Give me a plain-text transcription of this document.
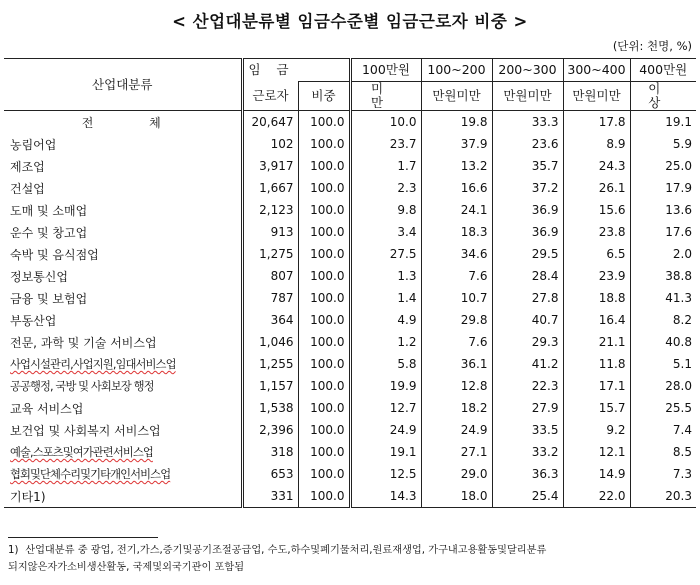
< 산업대분류별 임금수준별 임금근로자 비중 >
(단위: 천명, %)
산업대분류	임 금		100만원	100~200	200~300	300~400	400만원
	근로자	비중	미 만	만원미만	만원미만	만원미만	이 상
전 체	20,647	100.0	10.0	19.8	33.3	17.8	19.1
농림어업	102	100.0	23.7	37.9	23.6	8.9	5.9
제조업	3,917	100.0	1.7	13.2	35.7	24.3	25.0
건설업	1,667	100.0	2.3	16.6	37.2	26.1	17.9
도매 및 소매업	2,123	100.0	9.8	24.1	36.9	15.6	13.6
운수 및 창고업	913	100.0	3.4	18.3	36.9	23.8	17.6
숙박 및 음식점업	1,275	100.0	27.5	34.6	29.5	6.5	2.0
정보통신업	807	100.0	1.3	7.6	28.4	23.9	38.8
금융 및 보험업	787	100.0	1.4	10.7	27.8	18.8	41.3
부동산업	364	100.0	4.9	29.8	40.7	16.4	8.2
전문, 과학 및 기술 서비스업	1,046	100.0	1.2	7.6	29.3	21.1	40.8
사업시설관리,사업지원,임대서비스업	1,255	100.0	5.8	36.1	41.2	11.8	5.1
공공행정, 국방 및 사회보장 행정	1,157	100.0	19.9	12.8	22.3	17.1	28.0
교육 서비스업	1,538	100.0	12.7	18.2	27.9	15.7	25.5
보건업 및 사회복지 서비스업	2,396	100.0	24.9	24.9	33.5	9.2	7.4
예술,스포츠및여가관련서비스업	318	100.0	19.1	27.1	33.2	12.1	8.5
협회및단체수리및기타개인서비스업	653	100.0	12.5	29.0	36.3	14.9	7.3
기타1)	331	100.0	14.3	18.0	25.4	22.0	20.3
1) 산업대분류 중 광업, 전기,가스,증기및공기조절공급업, 수도,하수및폐기물처리,원료재생업, 가구내고용활동및달리분류
되지않은자가소비생산활동, 국제및외국기관이 포함됨
